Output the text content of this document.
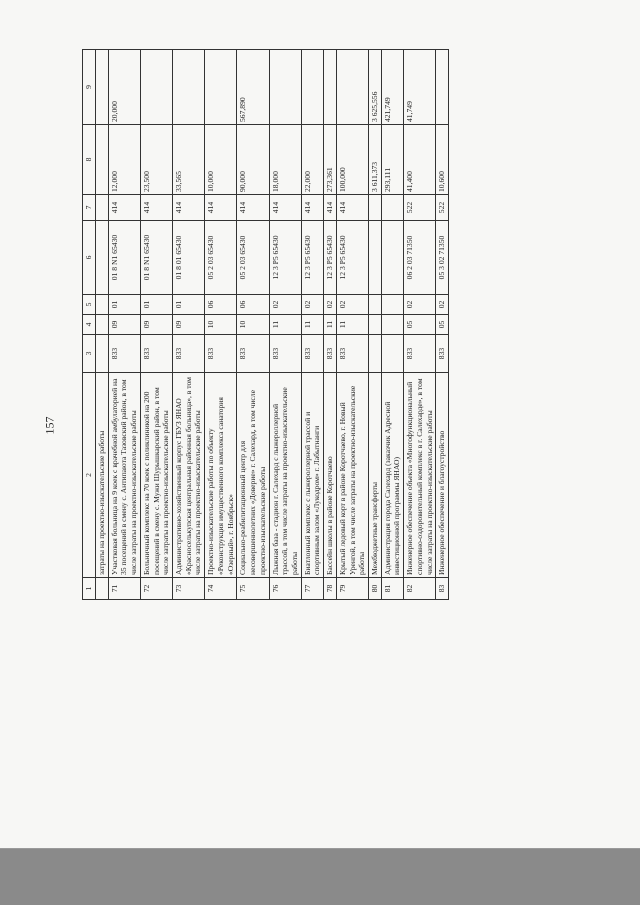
157
1	2	3	4	5	6	7	8	9
	затраты на проектно-изыскательские работы							
71	Участковая больница на 9 коек с врачебной амбулаторией на 35 посещений в смену с. Антипаюта Тазовский район, в том числе затраты на проектно-изыскательские работы	833	09	01	01 8 N1 65430	414	12,000	20,000
72	Больничный комплекс на 70 коек с поликлиникой на 200 посещений в смену с. Мужи Шурышкарский район, в том числе затраты на проектно-изыскательские работы	833	09	01	01 8 N1 65430	414	23,500	
73	Административно-хозяйственный корпус ГБУЗ ЯНАО «Красноселькупская центральная районная больница», в том числе затраты на проектно-изыскательские работы	833	09	01	01 8 01 65430	414	33,565	
74	Проектно-изыскательские работы по объекту «Реконструкция имущественного комплекса санатория «Озерный», г. Ноябрьск»	833	10	06	05 2 03 65430	414	10,000	
75	Социально-реабилитационный центр для несовершеннолетних «Доверие» г. Салехард, в том числе проектно-изыскательские работы	833	10	06	05 2 03 65430	414	90,000	567,890
76	Лыжная база - стадион г. Салехард с лыжероллерной трассой, в том числе затраты на проектно-изыскательские работы	833	11	02	12 3 P5 65430	414	18,000	
77	Биатлонный комплекс с лыжероллерной трассой и спортивным залом «Лукодром» г. Лабытнанги	833	11	02	12 3 P5 65430	414	22,000	
78	Бассейн школы в районе Коротчаево	833	11	02	12 3 P5 65430	414	273,361	
79	Крытый ледовый корт в районе Коротчаево, г. Новый Уренгой, в том числе затраты на проектно-изыскательские работы	833	11	02	12 3 P5 65430	414	100,000	
80	Межбюджетные трансферты						3 611,373	3 625,556
81	Администрация города Салехард (заказчик Адресной инвестиционной программы ЯНАО)						293,111	421,749
82	Инженерное обеспечение объекта «Многофункциональный спортивно-оздоровительный комплекс в г. Салехарде», в том числе затраты на проектно-изыскательские работы	833	05	02	06 2 03 71350	522	41,400	41,749
83	Инженерное обеспечение и благоустройство	833	05	02	05 3 02 71350	522	10,600	
